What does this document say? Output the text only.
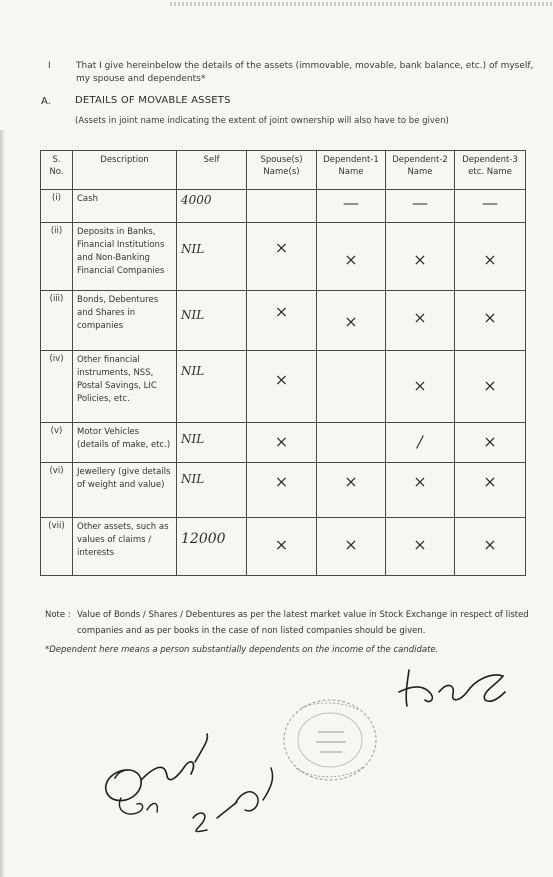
I	That I give hereinbelow the details of the assets (immovable, movable, bank balance, etc.) of myself, my spouse and dependents*
A. DETAILS OF MOVABLE ASSETS
(Assets in joint name indicating the extent of joint ownership will also have to be given)
S. No.	Description	Self	Spouse(s) Name(s)	Dependent-1 Name	Dependent-2 Name	Dependent-3 etc. Name
(i)	Cash	4000		—	—	—

(ii)	Deposits in Banks, Financial Institutions and Non-Banking Financial Companies	NIL	×	×	×	×

(iii)	Bonds, Debentures and Shares in companies	NIL	×	×	×	×

(iv)	Other financial instruments, NSS, Postal Savings, LIC Policies, etc.	NIL	×		×	×

(v)	Motor Vehicles (details of make, etc.)	NIL	×		/	×

(vi)	Jewellery (give details of weight and value)	NIL	×	×	×	×

(vii)	Other assets, such as values of claims / interests	12000	×	×	×	×
Note : Value of Bonds / Shares / Debentures as per the latest market value in Stock Exchange in respect of listed companies and as per books in the case of non listed companies should be given.
*Dependent here means a person substantially dependents on the income of the candidate.
